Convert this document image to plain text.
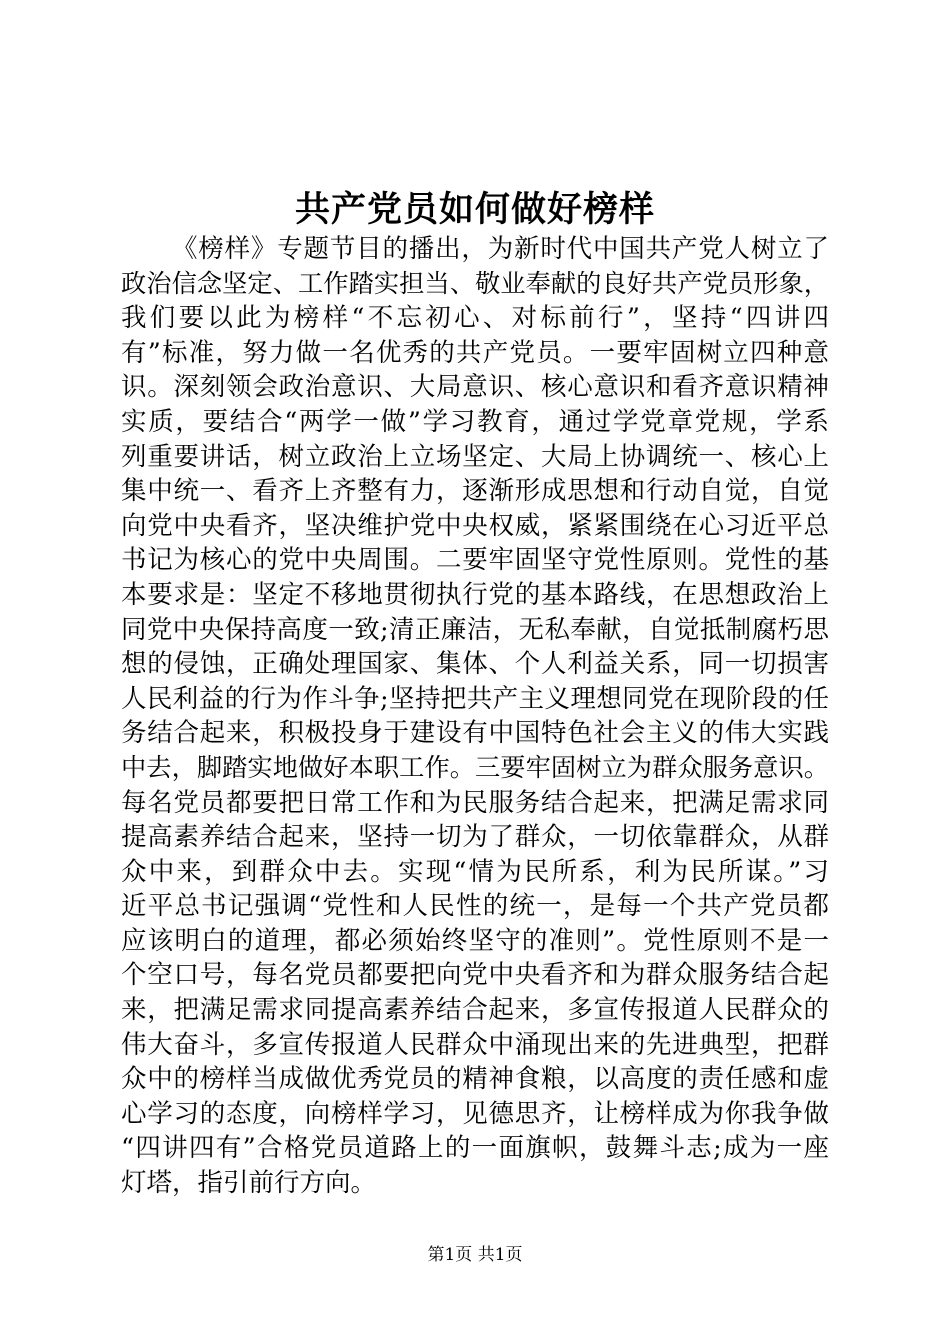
共产党员如何做好榜样
《榜样》专题节目的播出，为新时代中国共产党人树立了
政治信念坚定、工作踏实担当、敬业奉献的良好共产党员形象，
我们要以此为榜样“不忘初心、对标前行”，坚持“四讲四
有”标准，努力做一名优秀的共产党员。一要牢固树立四种意
识。深刻领会政治意识、大局意识、核心意识和看齐意识精神
实质，要结合“两学一做”学习教育，通过学党章党规，学系
列重要讲话，树立政治上立场坚定、大局上协调统一、核心上
集中统一、看齐上齐整有力，逐渐形成思想和行动自觉，自觉
向党中央看齐，坚决维护党中央权威，紧紧围绕在心习近平总
书记为核心的党中央周围。二要牢固坚守党性原则。党性的基
本要求是：坚定不移地贯彻执行党的基本路线，在思想政治上
同党中央保持高度一致;清正廉洁，无私奉献，自觉抵制腐朽思
想的侵蚀，正确处理国家、集体、个人利益关系，同一切损害
人民利益的行为作斗争;坚持把共产主义理想同党在现阶段的任
务结合起来，积极投身于建设有中国特色社会主义的伟大实践
中去，脚踏实地做好本职工作。三要牢固树立为群众服务意识。
每名党员都要把日常工作和为民服务结合起来，把满足需求同
提高素养结合起来，坚持一切为了群众，一切依靠群众，从群
众中来，到群众中去。实现“情为民所系，利为民所谋。”习
近平总书记强调“党性和人民性的统一，是每一个共产党员都
应该明白的道理，都必须始终坚守的准则”。党性原则不是一
个空口号，每名党员都要把向党中央看齐和为群众服务结合起
来，把满足需求同提高素养结合起来，多宣传报道人民群众的
伟大奋斗，多宣传报道人民群众中涌现出来的先进典型，把群
众中的榜样当成做优秀党员的精神食粮，以高度的责任感和虚
心学习的态度，向榜样学习，见德思齐，让榜样成为你我争做
“四讲四有”合格党员道路上的一面旗帜，鼓舞斗志;成为一座
灯塔，指引前行方向。
第1页 共1页
